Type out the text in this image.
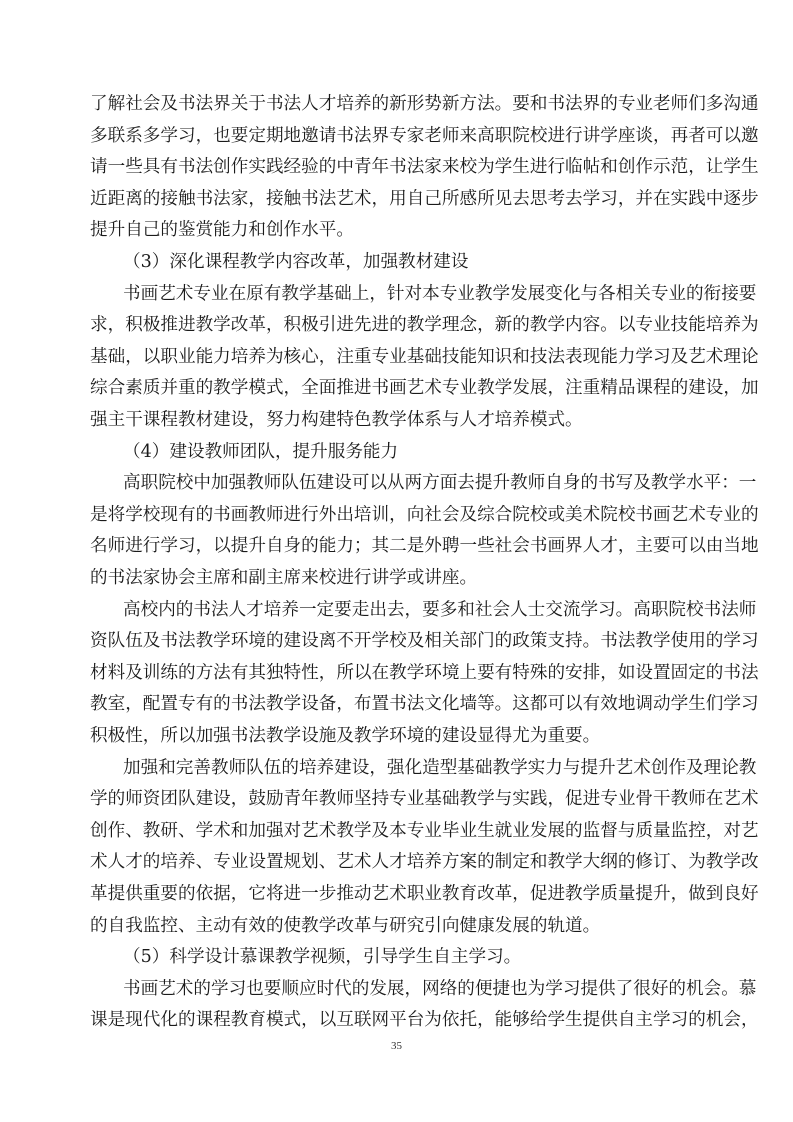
了解社会及书法界关于书法人才培养的新形势新方法。要和书法界的专业老师们多沟通
多联系多学习，也要定期地邀请书法界专家老师来高职院校进行讲学座谈，再者可以邀
请一些具有书法创作实践经验的中青年书法家来校为学生进行临帖和创作示范，让学生
近距离的接触书法家，接触书法艺术，用自己所感所见去思考去学习，并在实践中逐步
提升自己的鉴赏能力和创作水平。
（3）深化课程教学内容改革，加强教材建设
书画艺术专业在原有教学基础上，针对本专业教学发展变化与各相关专业的衔接要
求，积极推进教学改革，积极引进先进的教学理念，新的教学内容。以专业技能培养为
基础，以职业能力培养为核心，注重专业基础技能知识和技法表现能力学习及艺术理论
综合素质并重的教学模式，全面推进书画艺术专业教学发展，注重精品课程的建设，加
强主干课程教材建设，努力构建特色教学体系与人才培养模式。
（4）建设教师团队，提升服务能力
高职院校中加强教师队伍建设可以从两方面去提升教师自身的书写及教学水平：一
是将学校现有的书画教师进行外出培训，向社会及综合院校或美术院校书画艺术专业的
名师进行学习，以提升自身的能力；其二是外聘一些社会书画界人才，主要可以由当地
的书法家协会主席和副主席来校进行讲学或讲座。
高校内的书法人才培养一定要走出去，要多和社会人士交流学习。高职院校书法师
资队伍及书法教学环境的建设离不开学校及相关部门的政策支持。书法教学使用的学习
材料及训练的方法有其独特性，所以在教学环境上要有特殊的安排，如设置固定的书法
教室，配置专有的书法教学设备，布置书法文化墙等。这都可以有效地调动学生们学习
积极性，所以加强书法教学设施及教学环境的建设显得尤为重要。
加强和完善教师队伍的培养建设，强化造型基础教学实力与提升艺术创作及理论教
学的师资团队建设，鼓励青年教师坚持专业基础教学与实践，促进专业骨干教师在艺术
创作、教研、学术和加强对艺术教学及本专业毕业生就业发展的监督与质量监控，对艺
术人才的培养、专业设置规划、艺术人才培养方案的制定和教学大纲的修订、为教学改
革提供重要的依据，它将进一步推动艺术职业教育改革，促进教学质量提升，做到良好
的自我监控、主动有效的使教学改革与研究引向健康发展的轨道。
（5）科学设计慕课教学视频，引导学生自主学习。
书画艺术的学习也要顺应时代的发展，网络的便捷也为学习提供了很好的机会。慕
课是现代化的课程教育模式，以互联网平台为依托，能够给学生提供自主学习的机会，
35
